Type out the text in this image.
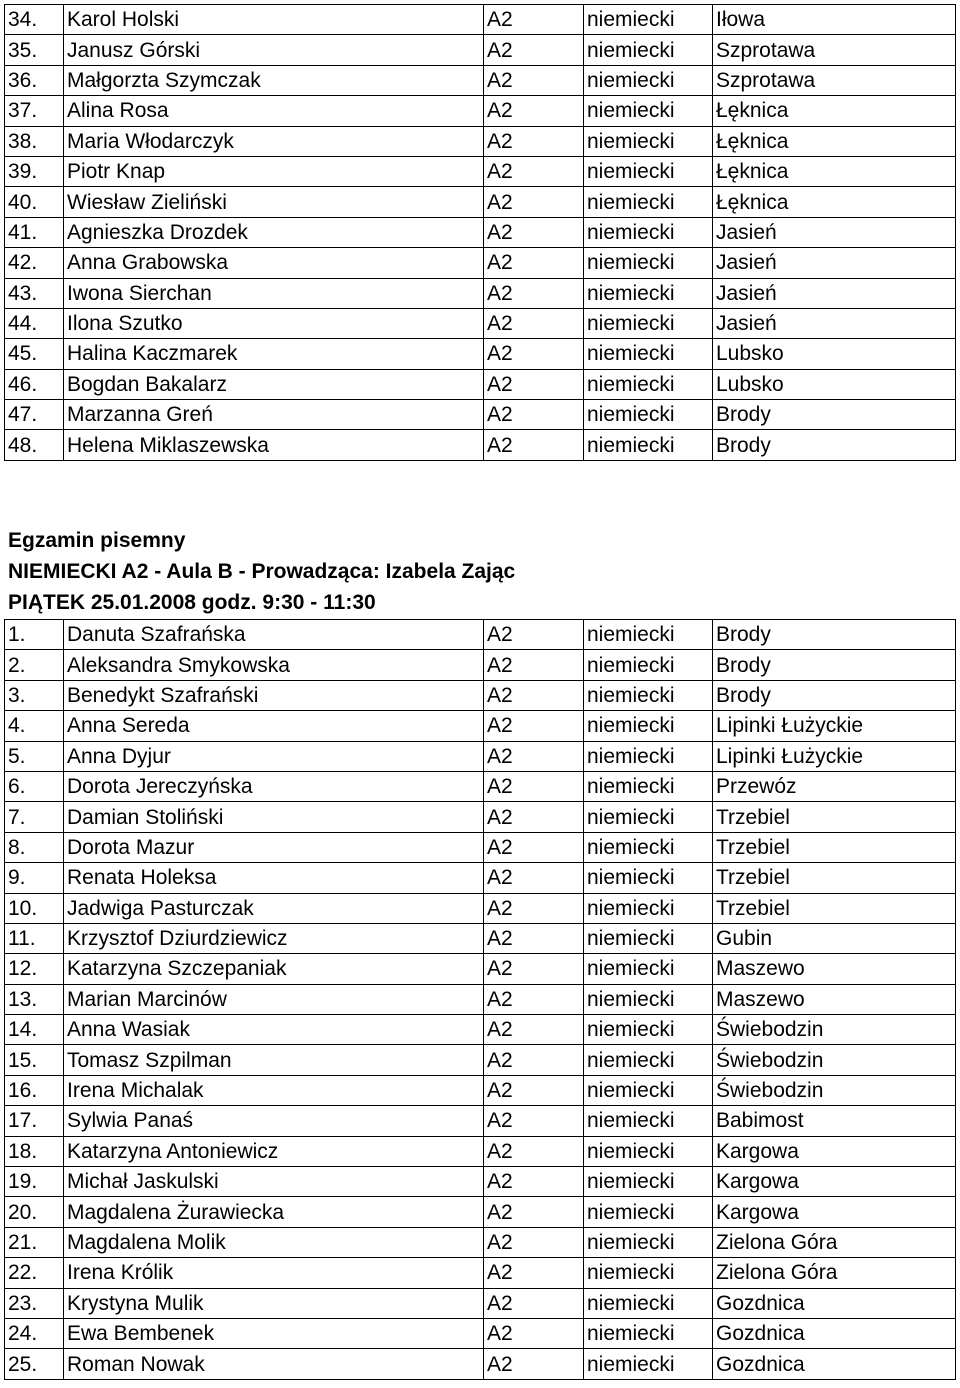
34.	Karol Holski	A2	niemiecki	Iłowa
35.	Janusz Górski	A2	niemiecki	Szprotawa
36.	Małgorzta Szymczak	A2	niemiecki	Szprotawa
37.	Alina Rosa	A2	niemiecki	Łęknica
38.	Maria Włodarczyk	A2	niemiecki	Łęknica
39.	Piotr Knap	A2	niemiecki	Łęknica
40.	Wiesław Zieliński	A2	niemiecki	Łęknica
41.	Agnieszka Drozdek	A2	niemiecki	Jasień
42.	Anna Grabowska	A2	niemiecki	Jasień
43.	Iwona Sierchan	A2	niemiecki	Jasień
44.	Ilona Szutko	A2	niemiecki	Jasień
45.	Halina Kaczmarek	A2	niemiecki	Lubsko
46.	Bogdan Bakalarz	A2	niemiecki	Lubsko
47.	Marzanna Greń	A2	niemiecki	Brody
48.	Helena Miklaszewska	A2	niemiecki	Brody
Egzamin pisemny
NIEMIECKI A2 - Aula B - Prowadząca: Izabela Zając
PIĄTEK 25.01.2008 godz. 9:30 - 11:30
1.	Danuta Szafrańska	A2	niemiecki	Brody
2.	Aleksandra Smykowska	A2	niemiecki	Brody
3.	Benedykt Szafrański	A2	niemiecki	Brody
4.	Anna Sereda	A2	niemiecki	Lipinki Łużyckie
5.	Anna Dyjur	A2	niemiecki	Lipinki Łużyckie
6.	Dorota Jereczyńska	A2	niemiecki	Przewóz
7.	Damian Stoliński	A2	niemiecki	Trzebiel
8.	Dorota Mazur	A2	niemiecki	Trzebiel
9.	Renata Holeksa	A2	niemiecki	Trzebiel
10.	Jadwiga Pasturczak	A2	niemiecki	Trzebiel
11.	Krzysztof Dziurdziewicz	A2	niemiecki	Gubin
12.	Katarzyna Szczepaniak	A2	niemiecki	Maszewo
13.	Marian Marcinów	A2	niemiecki	Maszewo
14.	Anna Wasiak	A2	niemiecki	Świebodzin
15.	Tomasz Szpilman	A2	niemiecki	Świebodzin
16.	Irena Michalak	A2	niemiecki	Świebodzin
17.	Sylwia Panaś	A2	niemiecki	Babimost
18.	Katarzyna Antoniewicz	A2	niemiecki	Kargowa
19.	Michał Jaskulski	A2	niemiecki	Kargowa
20.	Magdalena Żurawiecka	A2	niemiecki	Kargowa
21.	Magdalena Molik	A2	niemiecki	Zielona Góra
22.	Irena Królik	A2	niemiecki	Zielona Góra
23.	Krystyna Mulik	A2	niemiecki	Gozdnica
24.	Ewa Bembenek	A2	niemiecki	Gozdnica
25.	Roman Nowak	A2	niemiecki	Gozdnica
